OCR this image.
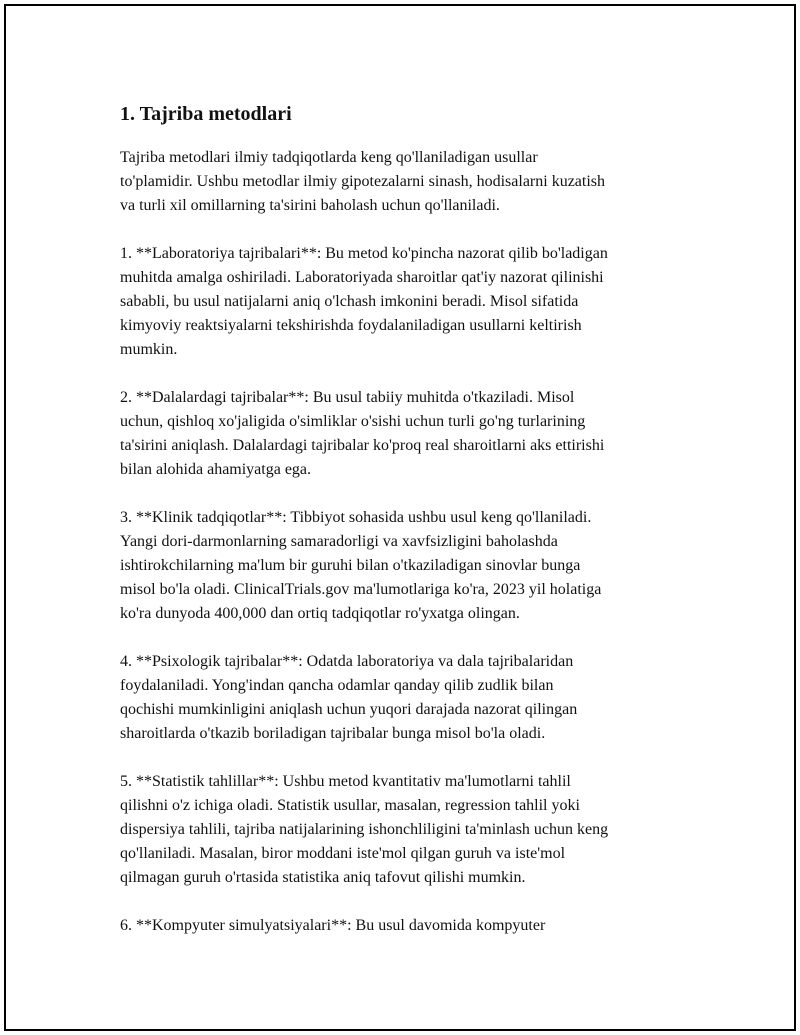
1. Tajriba metodlari

Tajriba metodlari ilmiy tadqiqotlarda keng qo'llaniladigan usullar
to'plamidir. Ushbu metodlar ilmiy gipotezalarni sinash, hodisalarni kuzatish
va turli xil omillarning ta'sirini baholash uchun qo'llaniladi.

1. **Laboratoriya tajribalari**: Bu metod ko'pincha nazorat qilib bo'ladigan
muhitda amalga oshiriladi. Laboratoriyada sharoitlar qat'iy nazorat qilinishi
sababli, bu usul natijalarni aniq o'lchash imkonini beradi. Misol sifatida
kimyoviy reaktsiyalarni tekshirishda foydalaniladigan usullarni keltirish
mumkin.

2. **Dalalardagi tajribalar**: Bu usul tabiiy muhitda o'tkaziladi. Misol
uchun, qishloq xo'jaligida o'simliklar o'sishi uchun turli go'ng turlarining
ta'sirini aniqlash. Dalalardagi tajribalar ko'proq real sharoitlarni aks ettirishi
bilan alohida ahamiyatga ega.

3. **Klinik tadqiqotlar**: Tibbiyot sohasida ushbu usul keng qo'llaniladi.
Yangi dori-darmonlarning samaradorligi va xavfsizligini baholashda
ishtirokchilarning ma'lum bir guruhi bilan o'tkaziladigan sinovlar bunga
misol bo'la oladi. ClinicalTrials.gov ma'lumotlariga ko'ra, 2023 yil holatiga
ko'ra dunyoda 400,000 dan ortiq tadqiqotlar ro'yxatga olingan.

4. **Psixologik tajribalar**: Odatda laboratoriya va dala tajribalaridan
foydalaniladi. Yong'indan qancha odamlar qanday qilib zudlik bilan
qochishi mumkinligini aniqlash uchun yuqori darajada nazorat qilingan
sharoitlarda o'tkazib boriladigan tajribalar bunga misol bo'la oladi.

5. **Statistik tahlillar**: Ushbu metod kvantitativ ma'lumotlarni tahlil
qilishni o'z ichiga oladi. Statistik usullar, masalan, regression tahlil yoki
dispersiya tahlili, tajriba natijalarining ishonchliligini ta'minlash uchun keng
qo'llaniladi. Masalan, biror moddani iste'mol qilgan guruh va iste'mol
qilmagan guruh o'rtasida statistika aniq tafovut qilishi mumkin.

6. **Kompyuter simulyatsiyalari**: Bu usul davomida kompyuter
